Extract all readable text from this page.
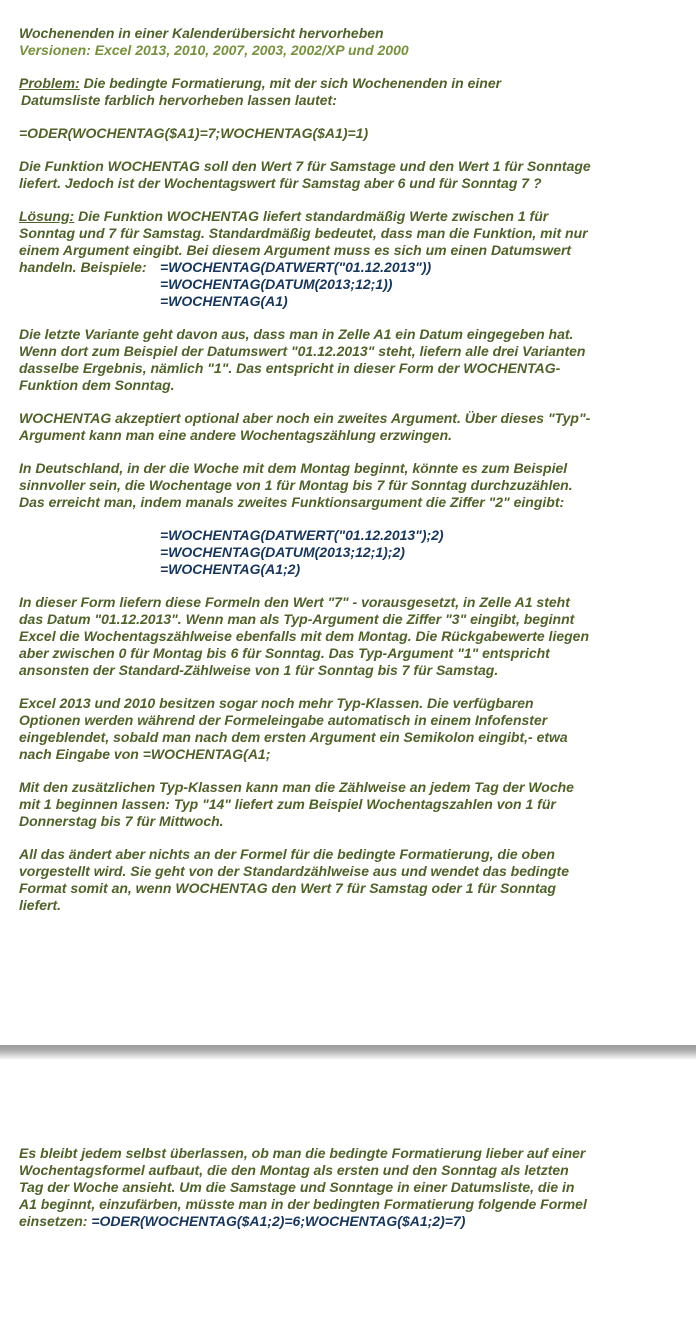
Wochenenden in einer Kalenderübersicht hervorheben
Versionen: Excel 2013, 2010, 2007, 2003, 2002/XP und 2000

Problem: Die bedingte Formatierung, mit der sich Wochenenden in einer
Datumsliste farblich hervorheben lassen lautet:

=ODER(WOCHENTAG($A1)=7;WOCHENTAG($A1)=1)

Die Funktion WOCHENTAG soll den Wert 7 für Samstage und den Wert 1 für Sonntage
liefert. Jedoch ist der Wochentagswert für Samstag aber 6 und für Sonntag 7 ?

Lösung: Die Funktion WOCHENTAG liefert standardmäßig Werte zwischen 1 für
Sonntag und 7 für Samstag. Standardmäßig bedeutet, dass man die Funktion, mit nur
einem Argument eingibt. Bei diesem Argument muss es sich um einen Datumswert
handeln. Beispiele: =WOCHENTAG(DATWERT("01.12.2013"))
=WOCHENTAG(DATUM(2013;12;1))
=WOCHENTAG(A1)

Die letzte Variante geht davon aus, dass man in Zelle A1 ein Datum eingegeben hat.
Wenn dort zum Beispiel der Datumswert "01.12.2013" steht, liefern alle drei Varianten
dasselbe Ergebnis, nämlich "1". Das entspricht in dieser Form der WOCHENTAG-
Funktion dem Sonntag.

WOCHENTAG akzeptiert optional aber noch ein zweites Argument. Über dieses "Typ"-
Argument kann man eine andere Wochentagszählung erzwingen.

In Deutschland, in der die Woche mit dem Montag beginnt, könnte es zum Beispiel
sinnvoller sein, die Wochentage von 1 für Montag bis 7 für Sonntag durchzuzählen.
Das erreicht man, indem manals zweites Funktionsargument die Ziffer "2" eingibt:

=WOCHENTAG(DATWERT("01.12.2013");2)
=WOCHENTAG(DATUM(2013;12;1);2)
=WOCHENTAG(A1;2)

In dieser Form liefern diese Formeln den Wert "7" - vorausgesetzt, in Zelle A1 steht
das Datum "01.12.2013". Wenn man als Typ-Argument die Ziffer "3" eingibt, beginnt
Excel die Wochentagszählweise ebenfalls mit dem Montag. Die Rückgabewerte liegen
aber zwischen 0 für Montag bis 6 für Sonntag. Das Typ-Argument "1" entspricht
ansonsten der Standard-Zählweise von 1 für Sonntag bis 7 für Samstag.

Excel 2013 und 2010 besitzen sogar noch mehr Typ-Klassen. Die verfügbaren
Optionen werden während der Formeleingabe automatisch in einem Infofenster
eingeblendet, sobald man nach dem ersten Argument ein Semikolon eingibt,- etwa
nach Eingabe von =WOCHENTAG(A1;

Mit den zusätzlichen Typ-Klassen kann man die Zählweise an jedem Tag der Woche
mit 1 beginnen lassen: Typ "14" liefert zum Beispiel Wochentagszahlen von 1 für
Donnerstag bis 7 für Mittwoch.

All das ändert aber nichts an der Formel für die bedingte Formatierung, die oben
vorgestellt wird. Sie geht von der Standardzählweise aus und wendet das bedingte
Format somit an, wenn WOCHENTAG den Wert 7 für Samstag oder 1 für Sonntag
liefert.

Es bleibt jedem selbst überlassen, ob man die bedingte Formatierung lieber auf einer
Wochentagsformel aufbaut, die den Montag als ersten und den Sonntag als letzten
Tag der Woche ansieht. Um die Samstage und Sonntage in einer Datumsliste, die in
A1 beginnt, einzufärben, müsste man in der bedingten Formatierung folgende Formel
einsetzen: =ODER(WOCHENTAG($A1;2)=6;WOCHENTAG($A1;2)=7)
